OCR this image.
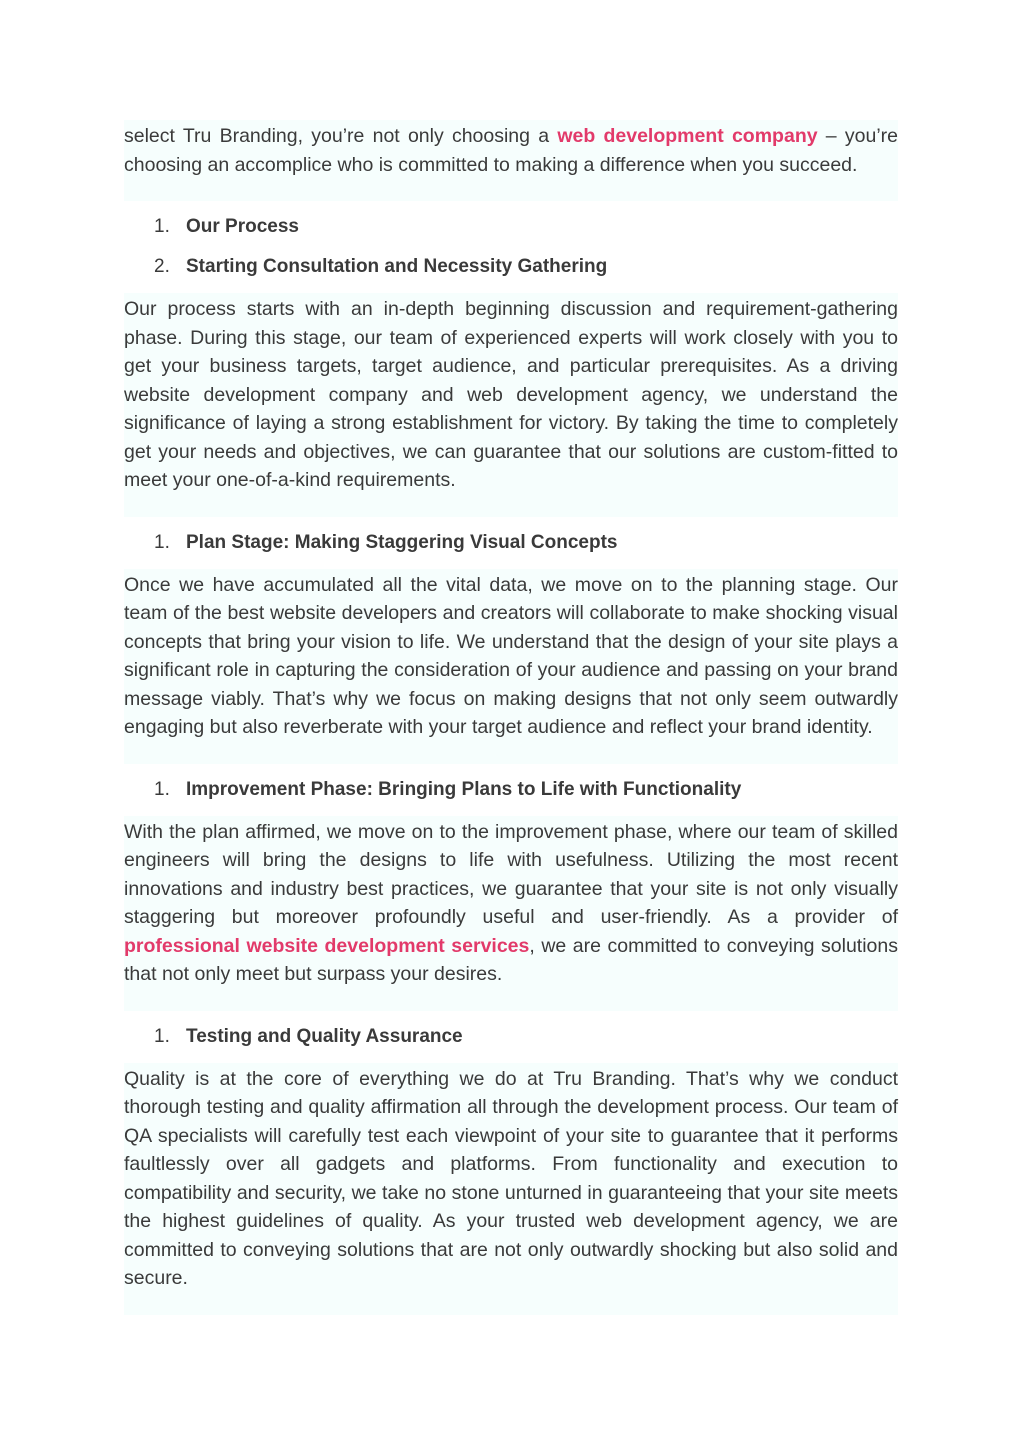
select Tru Branding, you’re not only choosing a web development company – you’re choosing an accomplice who is committed to making a difference when you succeed.

1. Our Process
2. Starting Consultation and Necessity Gathering

Our process starts with an in-depth beginning discussion and requirement-gathering phase. During this stage, our team of experienced experts will work closely with you to get your business targets, target audience, and particular prerequisites. As a driving website development company and web development agency, we understand the significance of laying a strong establishment for victory. By taking the time to completely get your needs and objectives, we can guarantee that our solutions are custom-fitted to meet your one-of-a-kind requirements.

1. Plan Stage: Making Staggering Visual Concepts

Once we have accumulated all the vital data, we move on to the planning stage. Our team of the best website developers and creators will collaborate to make shocking visual concepts that bring your vision to life. We understand that the design of your site plays a significant role in capturing the consideration of your audience and passing on your brand message viably. That’s why we focus on making designs that not only seem outwardly engaging but also reverberate with your target audience and reflect your brand identity.

1. Improvement Phase: Bringing Plans to Life with Functionality

With the plan affirmed, we move on to the improvement phase, where our team of skilled engineers will bring the designs to life with usefulness. Utilizing the most recent innovations and industry best practices, we guarantee that your site is not only visually staggering but moreover profoundly useful and user-friendly. As a provider of professional website development services, we are committed to conveying solutions that not only meet but surpass your desires.

1. Testing and Quality Assurance

Quality is at the core of everything we do at Tru Branding. That’s why we conduct thorough testing and quality affirmation all through the development process. Our team of QA specialists will carefully test each viewpoint of your site to guarantee that it performs faultlessly over all gadgets and platforms. From functionality and execution to compatibility and security, we take no stone unturned in guaranteeing that your site meets the highest guidelines of quality. As your trusted web development agency, we are committed to conveying solutions that are not only outwardly shocking but also solid and secure.
